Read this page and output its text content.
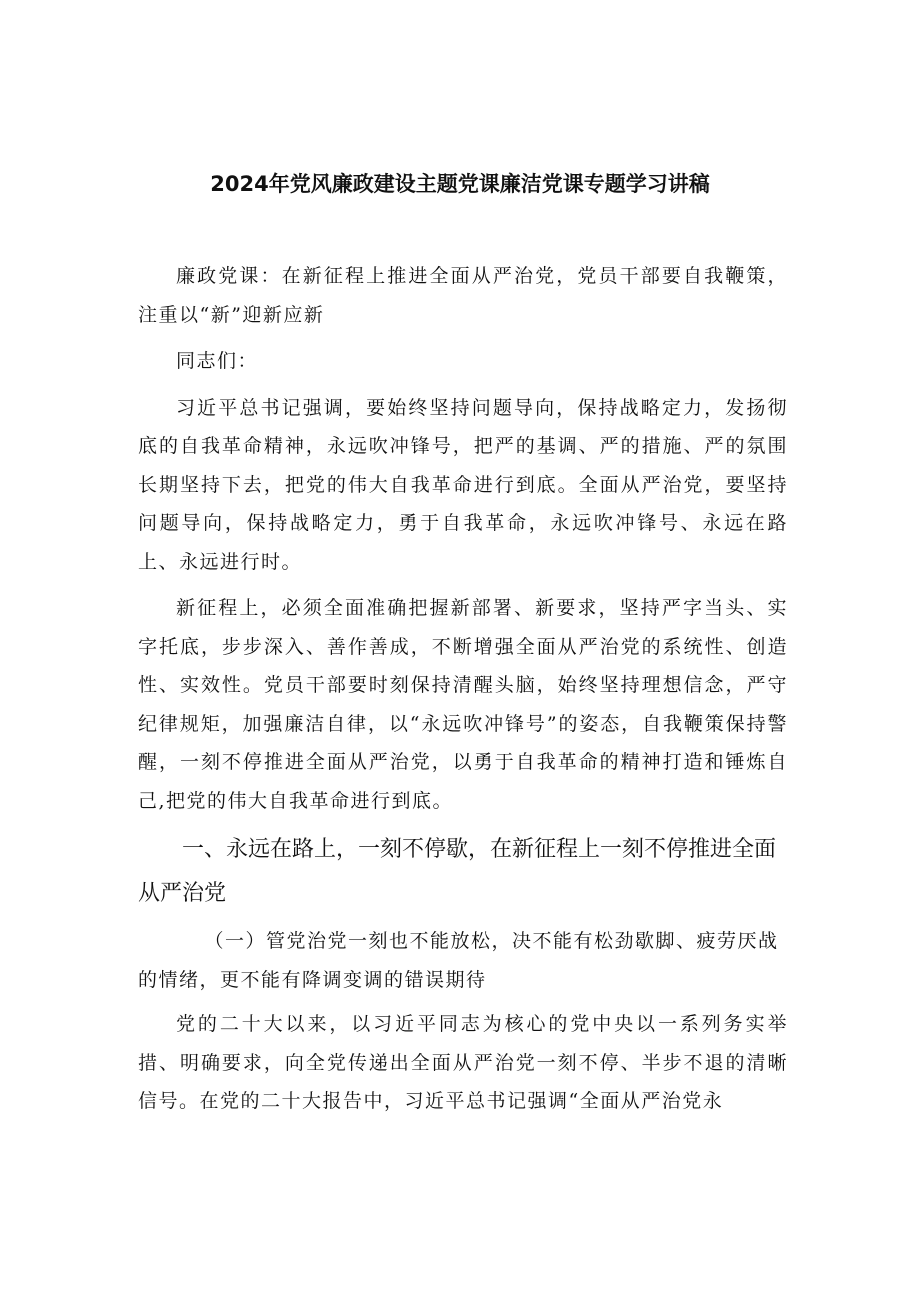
2024年党风廉政建设主题党课廉洁党课专题学习讲稿

廉政党课：在新征程上推进全面从严治党，党员干部要自我鞭策，注重以“新”迎新应新

同志们：

习近平总书记强调，要始终坚持问题导向，保持战略定力，发扬彻底的自我革命精神，永远吹冲锋号，把严的基调、严的措施、严的氛围长期坚持下去，把党的伟大自我革命进行到底。全面从严治党，要坚持问题导向，保持战略定力，勇于自我革命，永远吹冲锋号、永远在路上、永远进行时。

新征程上，必须全面准确把握新部署、新要求，坚持严字当头、实字托底，步步深入、善作善成，不断增强全面从严治党的系统性、创造性、实效性。党员干部要时刻保持清醒头脑，始终坚持理想信念，严守纪律规矩，加强廉洁自律，以“永远吹冲锋号”的姿态，自我鞭策保持警醒，一刻不停推进全面从严治党，以勇于自我革命的精神打造和锤炼自己,把党的伟大自我革命进行到底。

一、永远在路上，一刻不停歇，在新征程上一刻不停推进全面从严治党

（一）管党治党一刻也不能放松，决不能有松劲歇脚、疲劳厌战的情绪，更不能有降调变调的错误期待

党的二十大以来，以习近平同志为核心的党中央以一系列务实举措、明确要求，向全党传递出全面从严治党一刻不停、半步不退的清晰信号。在党的二十大报告中，习近平总书记强调“全面从严治党永
